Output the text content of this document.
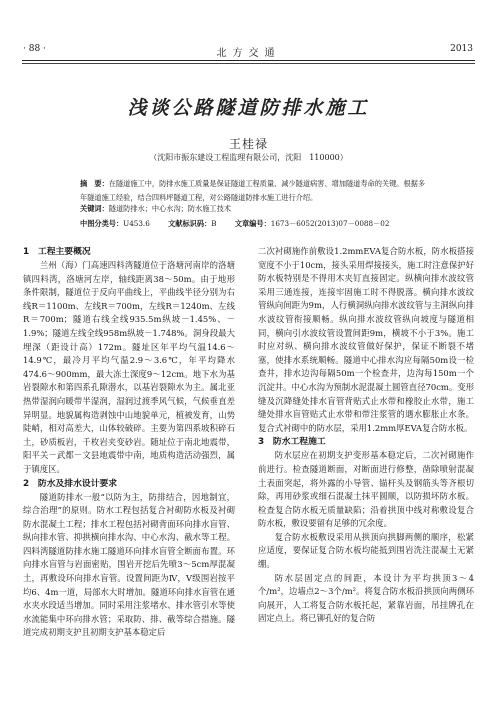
· 88 ·	北方交通	2013
浅谈公路隧道防排水施工
王桂禄
（沈阳市振东建设工程监理有限公司，沈阳　110000）
摘　要：在隧道施工中，防排水施工质量是保证隧道工程质量、减少隧道病害、增加隧道寿命的关键。根据多年隧道施工经验，结合四料坪隧道工程，对公路隧道防排水施工进行介绍。
关键词：隧道防排水；中心水沟；防水施工技术
中图分类号：U453.6	文献标识码：B	文章编号：1673－6052(2013)07－0088－02
1　工程主要概况

兰州（海）门高速四料湾隧道位于洛塘河南岸的洛塘镇四料湾，洛塘河左岸，轴线距离38～50m。由于地形条件限制，隧道位于反向平曲线上，平曲线半径分别为右线R＝1100m、左线R＝700m，左线R＝1240m、左线R＝700m；隧道右线全线935.5m纵坡－1.45%、－1.9%；隧道左线全线958m纵坡－1.748%。洞身段最大埋深（距设计高）172m。隧址区年平均气温14.6～14.9℃，最冷月平均气温2.9～3.6℃，年平均降水474.6～900mm，最大冻土深度9～12cm。地下水为基岩裂隙水和第四系孔隙潜水，以基岩裂隙水为主。属北亚热带湿润向暖带半湿润，湿润过渡季风气候，气候垂直差异明显。地貌属构造剥蚀中山地貌单元，植被发育，山势陡峭，相对高差大，山体较破碎。主要为第四系坡积碎石土，砂质板岩，千枚岩夹变砂岩。随址位于南北地震带，阳平关－武都－文县地震带中南，地质构造活动强烈，属于镇度区。

2　防水及排水设计要求

隧道防排水一般“以防为主，防排结合，因地制宜，综合治理”的原则。防水工程包括复合衬砌防水板及衬砌防水混凝土工程；排水工程包括衬砌背面环向排水盲管、纵向排水管、抑拱横向排水沟、中心水沟、截水等工程。四料湾隧道防排水施工隧道环向排水盲管全断面布置。环向排水盲管与岩面密贴，围岩开挖后先喷3～5cm厚混凝土，再敷设环向排水盲管。设置间距为Ⅳ，Ⅴ级围岩按平均6、4m一道，局部水大时增加。隧道环向排水盲管在通水夹水段适当增加。同时采用注浆堵水、排水管引水等使水流能集中环向排水管；采取防、排、截等综合措施。隧道完成初期支护且初期支护基本稳定后

二次衬砌施作前敷设1.2mmEVA复合防水板，防水板搭接宽度不小于10cm，接头采用焊接接头，施工时注意保护好防水板特别是不得用木夹钉直接固定。纵横向排水波纹管采用三通连接，连接牢固施工时不得脱落。横向排水波纹管纵向间距为9m，人行横洞纵向排水波纹管与主洞纵向排水波纹管衔接顺畅。纵向排水波纹管纵向坡度与隧道相同，横向引水波纹管设置间距9m，横坡不小于3%。施工时应对纵、横向排水波纹管做好保护，保证不断裂不堵塞，使排水系统顺畅。隧道中心排水沟应每隔50m设一检查井，排水边沟每隔50m一个检查井，边沟每150m一个沉淀井。中心水沟为预制水泥混凝土圆管直径70cm。变形缝及沉降缝处排水盲管背贴式止水带和橡胶止水带，施工缝处排水盲管贴式止水带和带注浆管的遇水膨胀止水条。复合式衬砌中的防水层，采用1.2mm厚EVA复合防水板。

3　防水工程施工

防水层应在初期支护变形基本稳定后，二次衬砌施作前进行。检查隧道断面，对断面进行修整，凿除喷射混凝土表面突起，将外露的小导管、锚杆头及钢筋头等齐根切除，再用砂浆或细石混凝土抹平圆顺，以防损坏防水板。检查复合防水板无质量缺陷；沿着拱顶中线对称敷设复合防水板，敷设要留有足够的冗余度。

复合防水板敷设采用从拱顶向拱脚两侧的顺序，松紧应适度，要保证复合防水板均能抵到围岩洗注混凝土无紧绷。

防水层固定点的间距，本设计为平均拱顶3～4个/m²，边墙点2～3个/m²。将复合防水板沿拱顶向两侧环向展开，人工将复合防水板托起，紧靠岩面，吊挂牌孔在固定点上。将已铆孔好的复合防
